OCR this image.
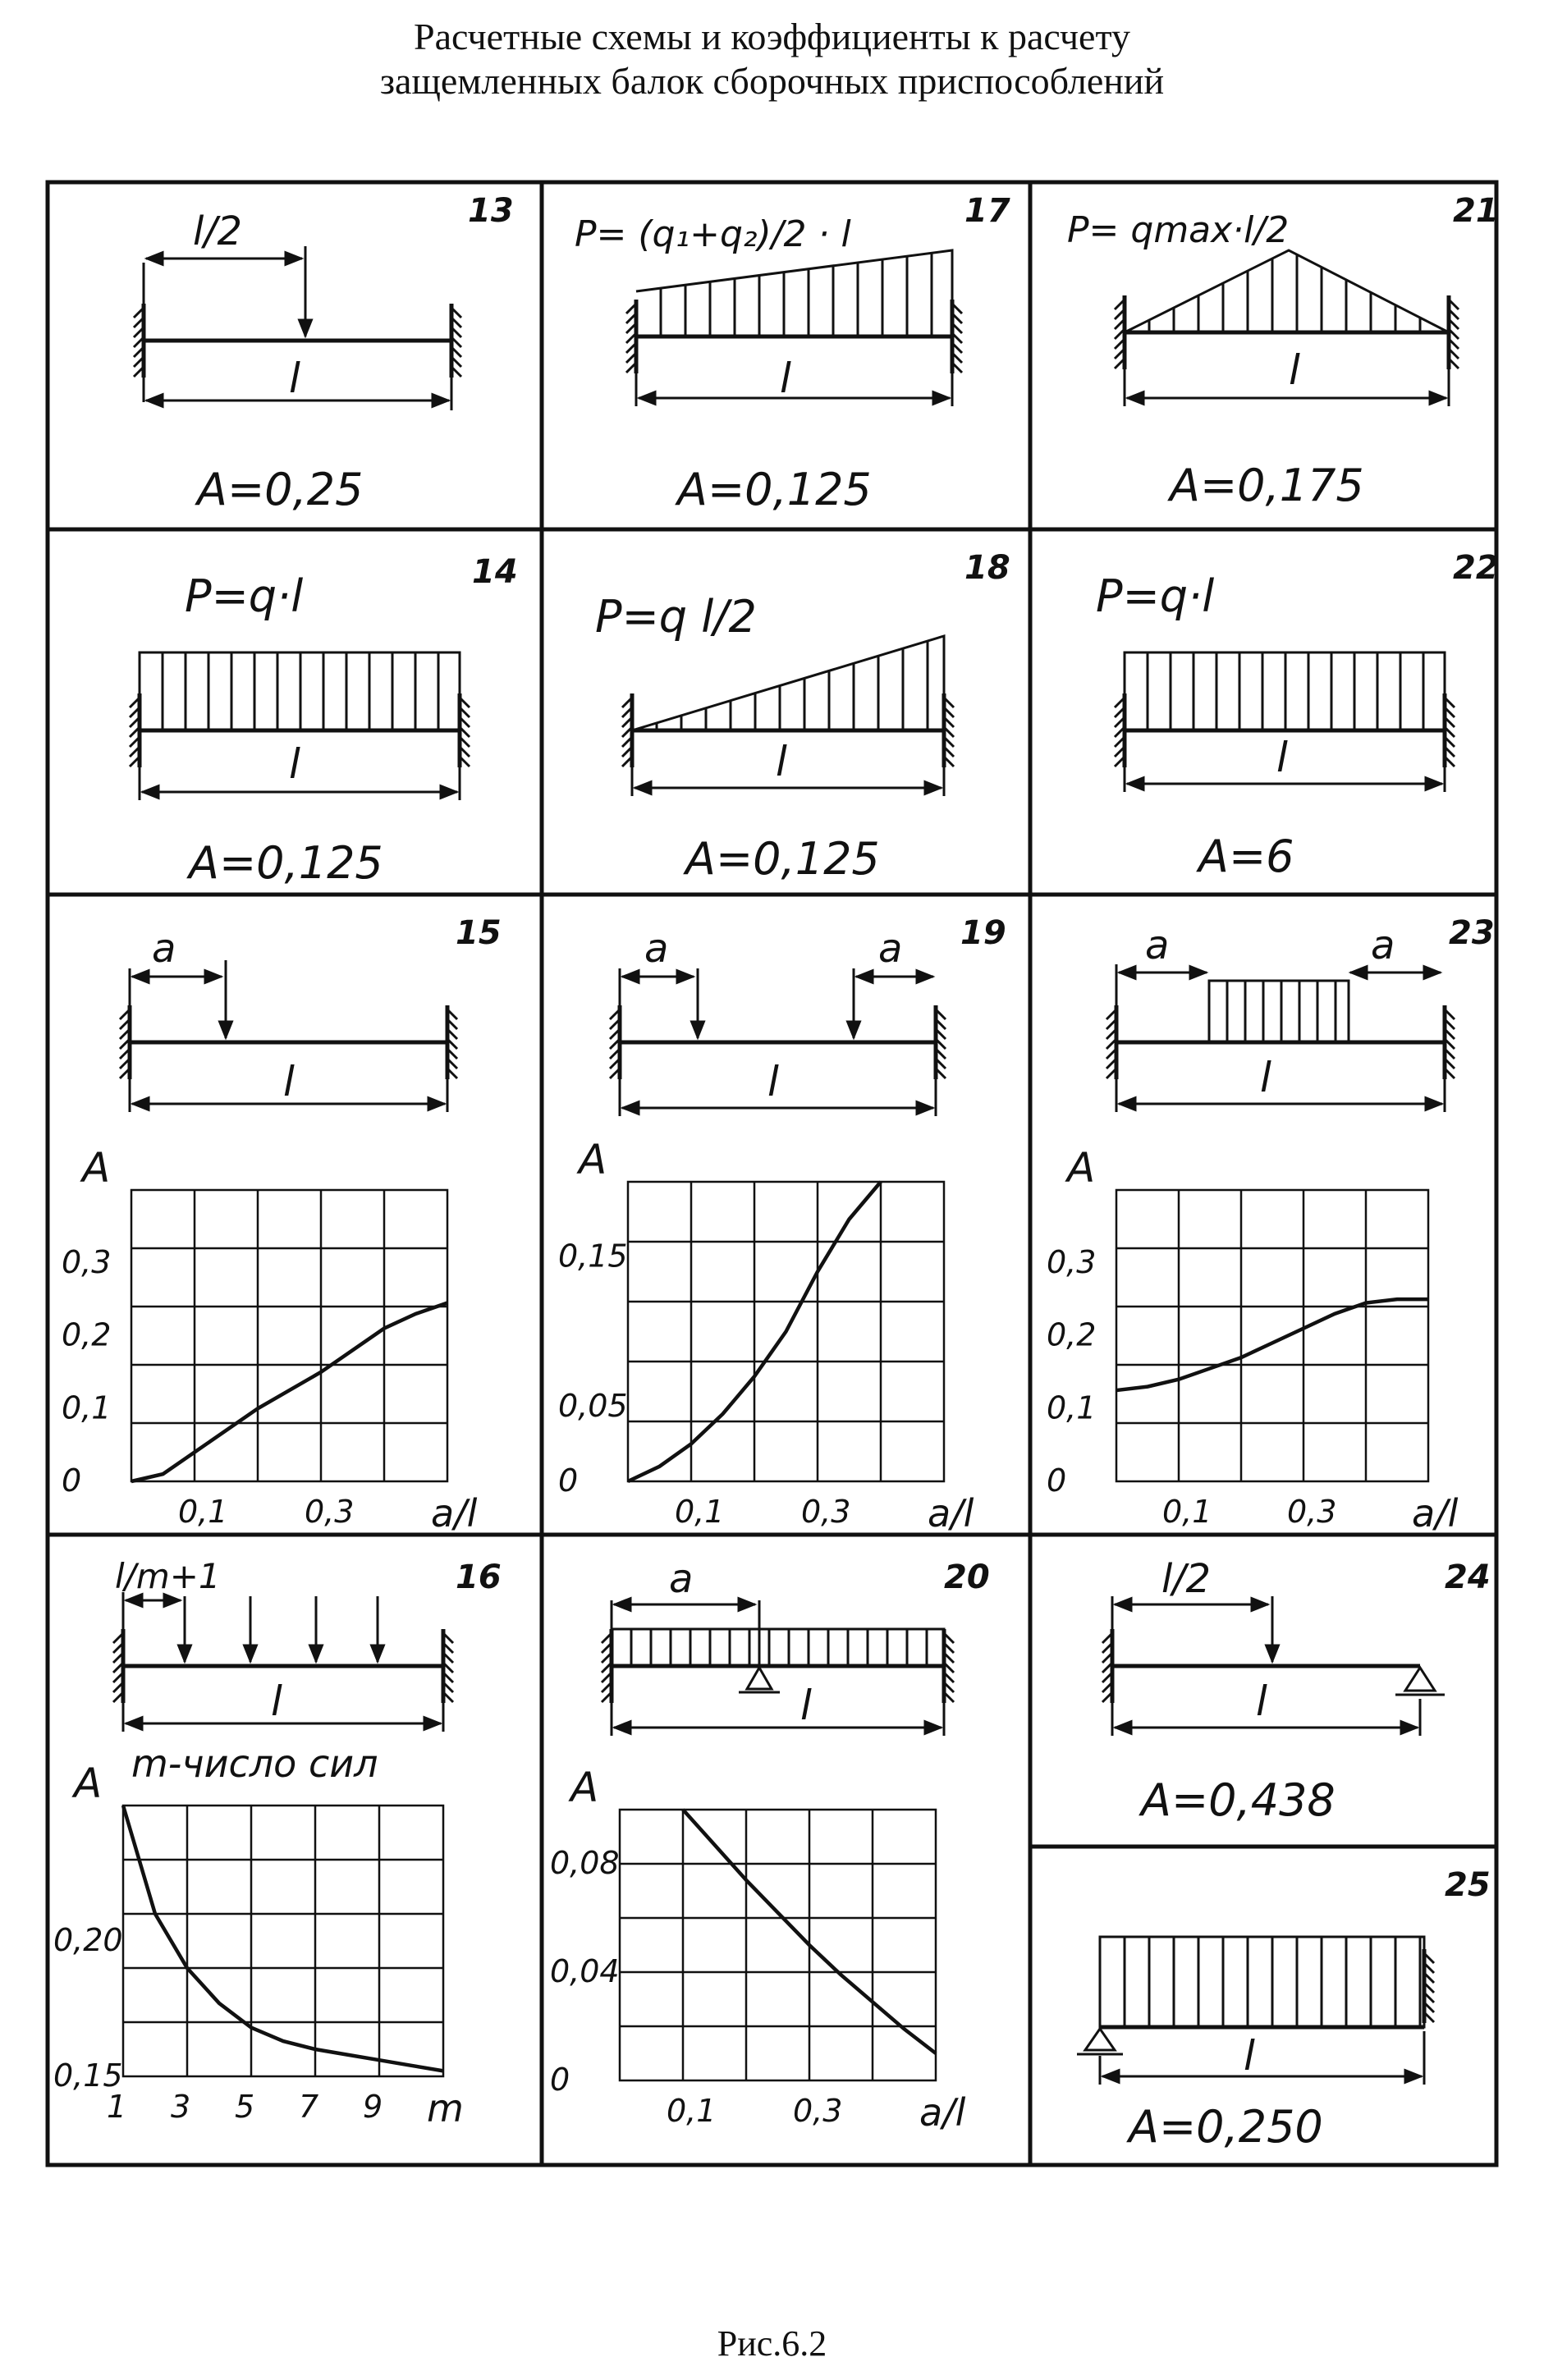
Расчетные схемы и коэффициенты к расчету
защемленных балок сборочных приспособлений
13
l/2
l
A=0,25
17
P= (q₁+q₂)/2 · l
l
A=0,125
21
P= qmax·l/2
l
A=0,175
14
P=q·l
l
A=0,125
18
P=q l/2
l
A=0,125
22
P=q·l
l
A=6
15
a
l
19
a	a
l
23
a	a
l
16
l/m+1
l
m-число сил
20
a
l
24
l/2
l
A=0,438
25
l
A=0,250
A
a/l
0,1 0,3
0
0,1
0,2
0,3
A
a/l
0,1 0,3
0
0,05
0,15
A
a/l
0,1 0,3
0
0,1
0,2
0,3
A
m
1 3 5 7 9
0,15
0,20
A
a/l
0,1 0,3
0
0,04
0,08
Рис.6.2
